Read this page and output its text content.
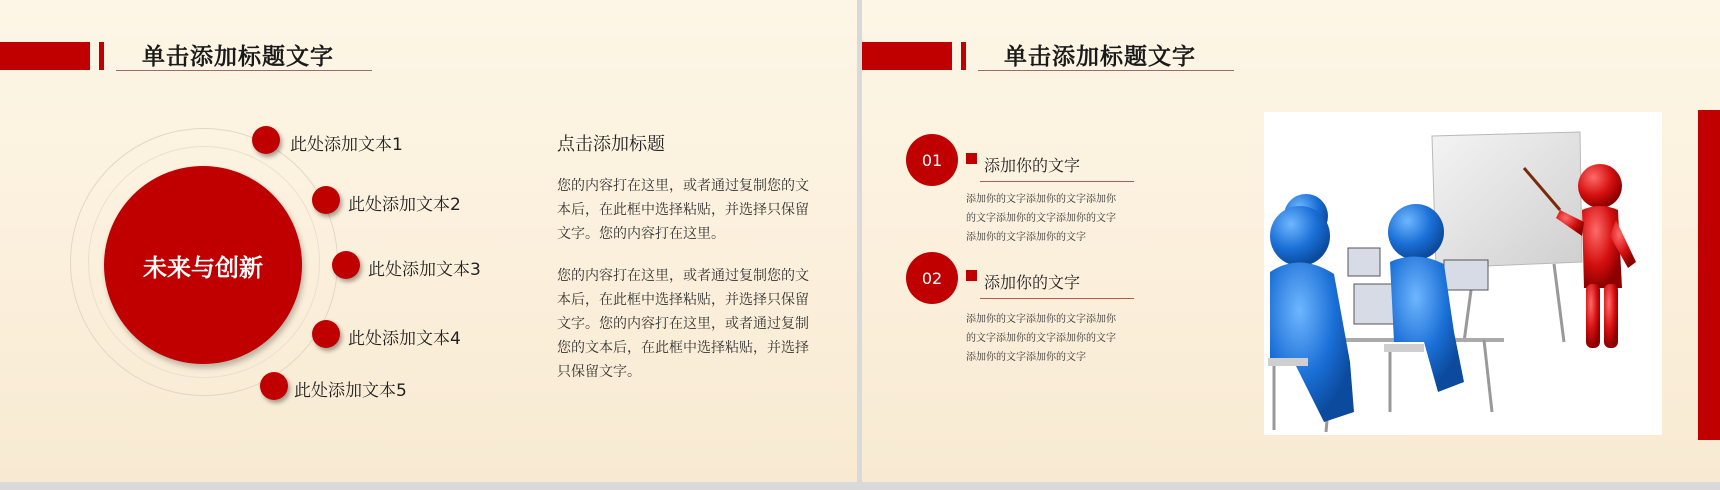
单击添加标题文字
未来与创新
此处添加文本1
此处添加文本2
此处添加文本3
此处添加文本4
此处添加文本5
点击添加标题
您的内容打在这里，或者通过复制您的文本后，在此框中选择粘贴，并选择只保留文字。您的内容打在这里。
您的内容打在这里，或者通过复制您的文本后，在此框中选择粘贴，并选择只保留文字。您的内容打在这里，或者通过复制您的文本后，在此框中选择粘贴，并选择只保留文字。
单击添加标题文字
01	添加你的文字
添加你的文字添加你的文字添加你的文字添加你的文字添加你的文字添加你的文字添加你的文字
02	添加你的文字
添加你的文字添加你的文字添加你的文字添加你的文字添加你的文字添加你的文字添加你的文字
